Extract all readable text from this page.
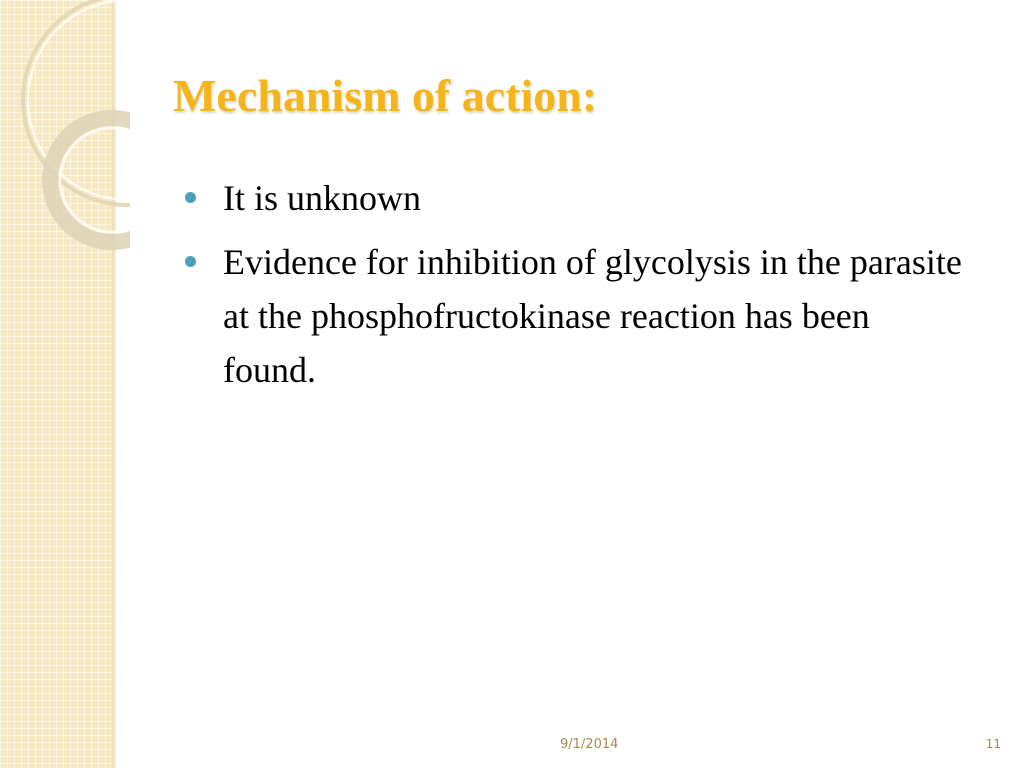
Mechanism of action:
It is unknown
Evidence for inhibition of glycolysis in the parasite at the phosphofructokinase reaction has been found.
9/1/2014	11
